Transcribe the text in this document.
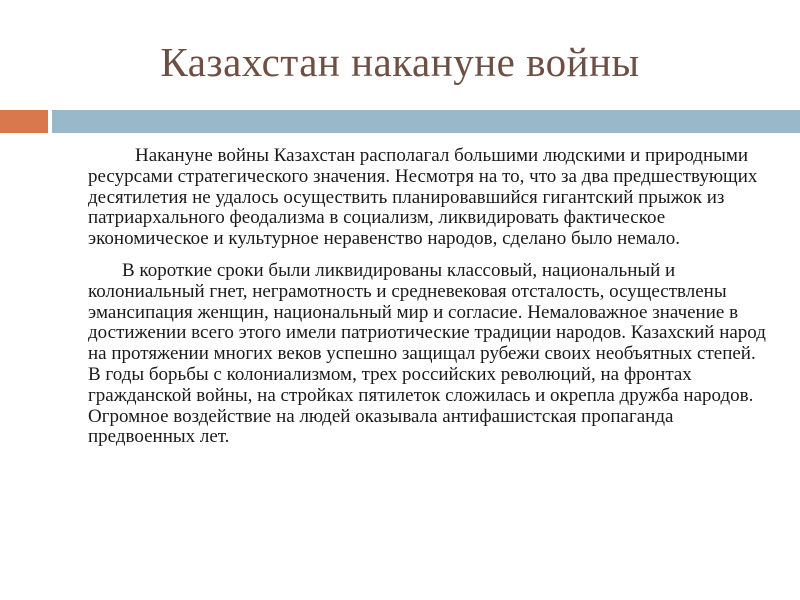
Казахстан накануне войны

Накануне войны Казахстан располагал большими людскими и природными ресурсами стратегического значения. Несмотря на то, что за два предшествующих десятилетия не удалось осуществить планировавшийся гигантский прыжок из патриархального феодализма в социализм, ликвидировать фактическое экономическое и культурное неравенство народов, сделано было немало.

В короткие сроки были ликвидированы классовый, национальный и колониальный гнет, неграмотность и средневековая отсталость, осуществлены эмансипация женщин, национальный мир и согласие. Немаловажное значение в достижении всего этого имели патриотические традиции народов. Казахский народ на протяжении многих веков успешно защищал рубежи своих необъятных степей. В годы борьбы с колониализмом, трех российских революций, на фронтах гражданской войны, на стройках пятилеток сложилась и окрепла дружба народов. Огромное воздействие на людей оказывала антифашистская пропаганда предвоенных лет.
